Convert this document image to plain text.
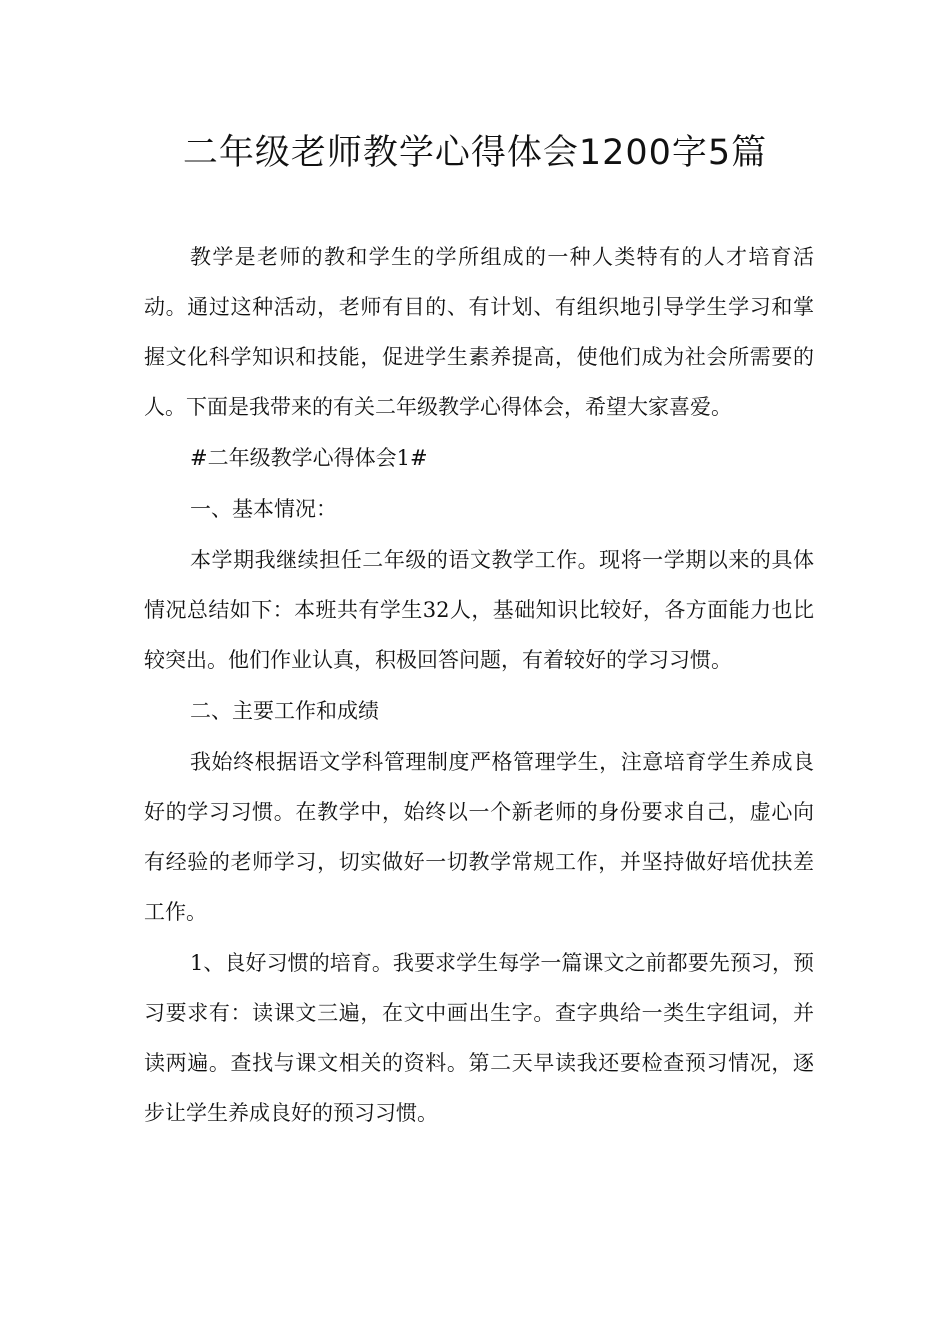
二年级老师教学心得体会1200字5篇

教学是老师的教和学生的学所组成的一种人类特有的人才培育活动。通过这种活动，老师有目的、有计划、有组织地引导学生学习和掌握文化科学知识和技能，促进学生素养提高，使他们成为社会所需要的人。下面是我带来的有关二年级教学心得体会，希望大家喜爱。

#二年级教学心得体会1#

一、基本情况：

本学期我继续担任二年级的语文教学工作。现将一学期以来的具体情况总结如下：本班共有学生32人，基础知识比较好，各方面能力也比较突出。他们作业认真，积极回答问题，有着较好的学习习惯。

二、主要工作和成绩

我始终根据语文学科管理制度严格管理学生，注意培育学生养成良好的学习习惯。在教学中，始终以一个新老师的身份要求自己，虚心向有经验的老师学习，切实做好一切教学常规工作，并坚持做好培优扶差工作。

1、良好习惯的培育。我要求学生每学一篇课文之前都要先预习，预习要求有：读课文三遍，在文中画出生字。查字典给一类生字组词，并读两遍。查找与课文相关的资料。第二天早读我还要检查预习情况，逐步让学生养成良好的预习习惯。
